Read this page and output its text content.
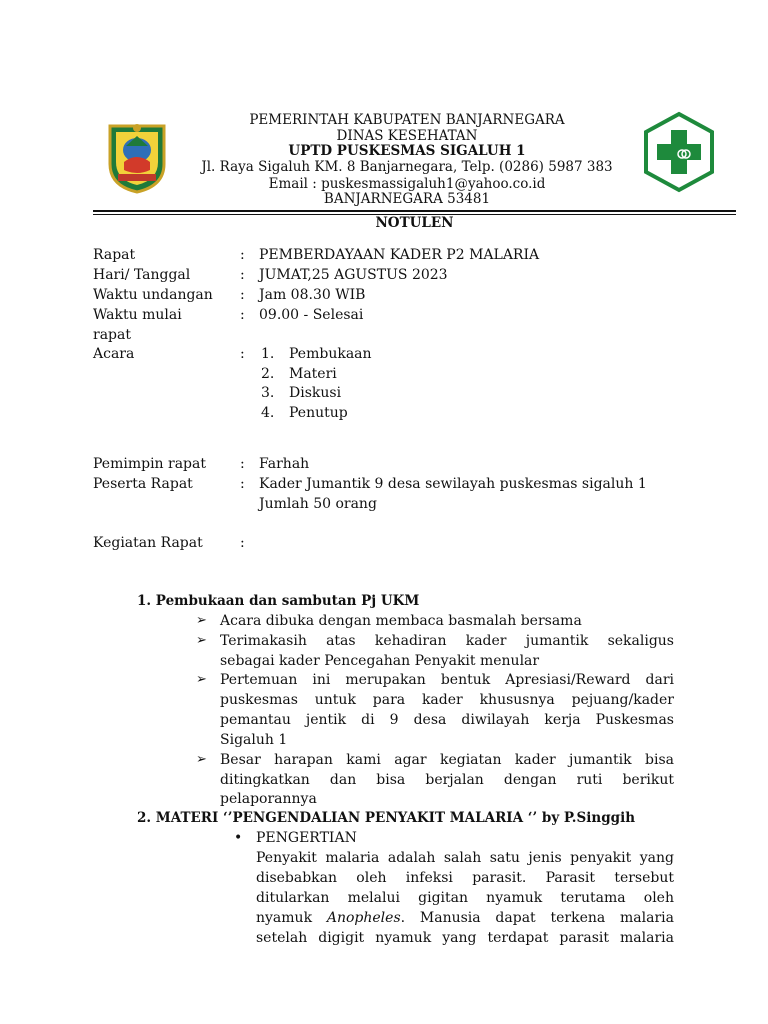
PEMERINTAH KABUPATEN BANJARNEGARA
DINAS KESEHATAN
UPTD PUSKESMAS SIGALUH 1
Jl. Raya Sigaluh KM. 8 Banjarnegara, Telp. (0286) 5987 383
Email : puskesmassigaluh1@yahoo.co.id
BANJARNEGARA 53481
NOTULEN
Rapat	: PEMBERDAYAAN KADER P2 MALARIA
Hari/ Tanggal	: JUMAT,25 AGUSTUS 2023
Waktu undangan : Jam 08.30 WIB
Waktu mulai	: 09.00 - Selesai
rapat
Acara	: 1. Pembukaan
2. Materi
3. Diskusi
4. Penutup
Pemimpin rapat : Farhah
Peserta Rapat	: Kader Jumantik 9 desa sewilayah puskesmas sigaluh 1
Jumlah 50 orang
Kegiatan Rapat	:
1. Pembukaan dan sambutan Pj UKM
➢ Acara dibuka dengan membaca basmalah bersama
➢ Terimakasih atas kehadiran kader jumantik sekaligus
sebagai kader Pencegahan Penyakit menular
➢ Pertemuan ini merupakan bentuk Apresiasi/Reward dari
puskesmas untuk para kader khususnya pejuang/kader
pemantau jentik di 9 desa diwilayah kerja Puskesmas
Sigaluh 1
➢ Besar harapan kami agar kegiatan kader jumantik bisa
ditingkatkan dan bisa berjalan dengan ruti berikut
pelaporannya
2. MATERI ‘’PENGENDALIAN PENYAKIT MALARIA ‘’ by P.Singgih
• PENGERTIAN
Penyakit malaria adalah salah satu jenis penyakit yang
disebabkan oleh infeksi parasit. Parasit tersebut
ditularkan melalui gigitan nyamuk terutama oleh
nyamuk Anopheles. Manusia dapat terkena malaria
setelah digigit nyamuk yang terdapat parasit malaria
